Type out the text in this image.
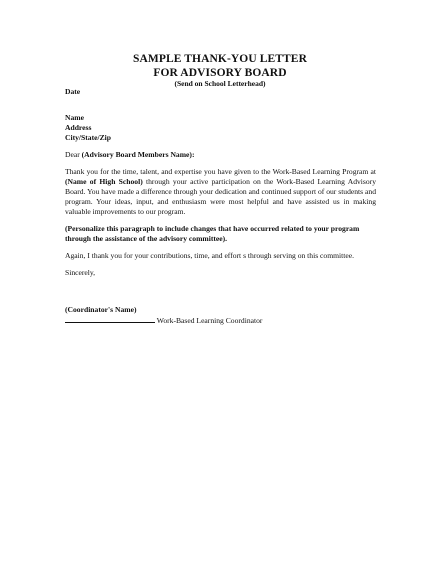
SAMPLE THANK-YOU LETTER
FOR ADVISORY BOARD
(Send on School Letterhead)
Date
Name
Address
City/State/Zip
Dear (Advisory Board Members Name):
Thank you for the time, talent, and expertise you have given to the Work-Based Learning Program at (Name of High School) through your active participation on the Work-Based Learning Advisory Board. You have made a difference through your dedication and continued support of our students and program. Your ideas, input, and enthusiasm were most helpful and have assisted us in making valuable improvements to our program.
(Personalize this paragraph to include changes that have occurred related to your program through the assistance of the advisory committee).
Again, I thank you for your contributions, time, and effort s through serving on this committee.
Sincerely,
(Coordinator's Name)
Work-Based Learning Coordinator
